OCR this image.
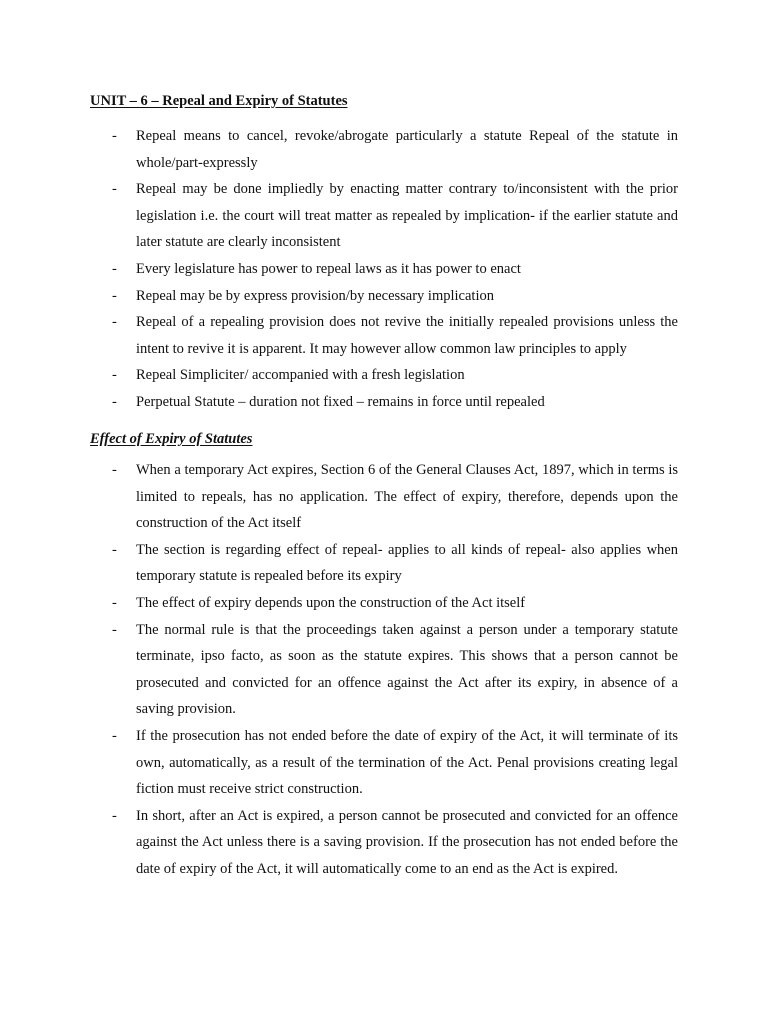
UNIT – 6 – Repeal and Expiry of Statutes
- Repeal means to cancel, revoke/abrogate particularly a statute Repeal of the statute in whole/part-expressly
- Repeal may be done impliedly by enacting matter contrary to/inconsistent with the prior legislation i.e. the court will treat matter as repealed by implication- if the earlier statute and later statute are clearly inconsistent
- Every legislature has power to repeal laws as it has power to enact
- Repeal may be by express provision/by necessary implication
- Repeal of a repealing provision does not revive the initially repealed provisions unless the intent to revive it is apparent. It may however allow common law principles to apply
- Repeal Simpliciter/ accompanied with a fresh legislation
- Perpetual Statute – duration not fixed – remains in force until repealed
Effect of Expiry of Statutes
- When a temporary Act expires, Section 6 of the General Clauses Act, 1897, which in terms is limited to repeals, has no application. The effect of expiry, therefore, depends upon the construction of the Act itself
- The section is regarding effect of repeal- applies to all kinds of repeal- also applies when temporary statute is repealed before its expiry
- The effect of expiry depends upon the construction of the Act itself
- The normal rule is that the proceedings taken against a person under a temporary statute terminate, ipso facto, as soon as the statute expires. This shows that a person cannot be prosecuted and convicted for an offence against the Act after its expiry, in absence of a saving provision.
- If the prosecution has not ended before the date of expiry of the Act, it will terminate of its own, automatically, as a result of the termination of the Act. Penal provisions creating legal fiction must receive strict construction.
- In short, after an Act is expired, a person cannot be prosecuted and convicted for an offence against the Act unless there is a saving provision. If the prosecution has not ended before the date of expiry of the Act, it will automatically come to an end as the Act is expired.
